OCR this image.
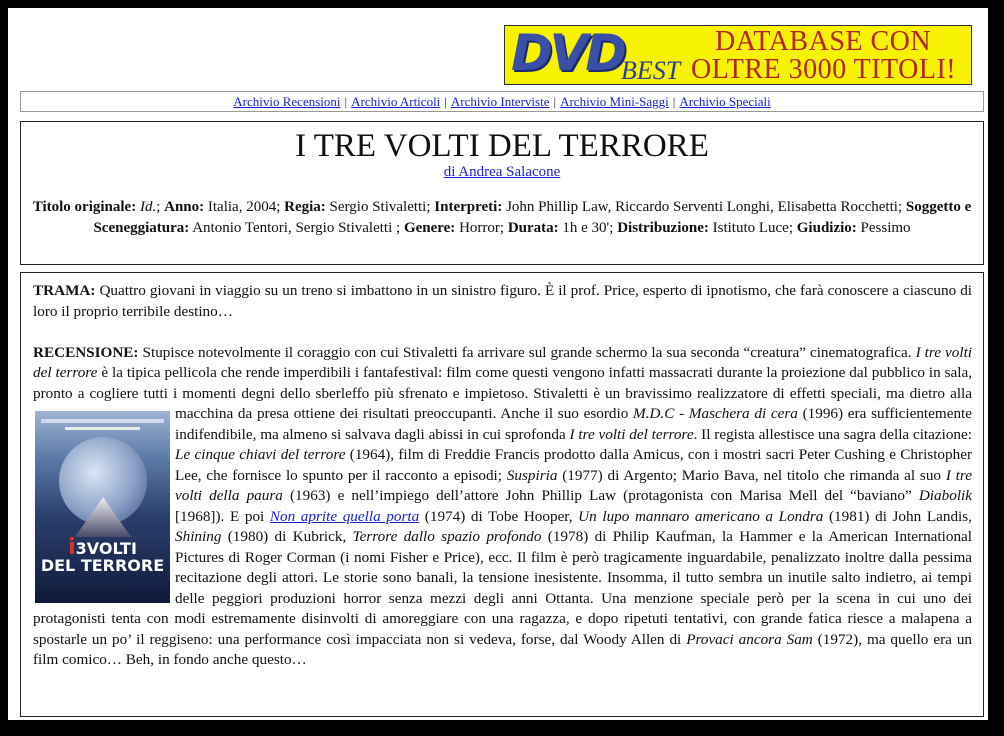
DVD
BEST
DATABASE CON
OLTRE 3000 TITOLI!
Archivio Recensioni | Archivio Articoli | Archivio Interviste | Archivio Mini-Saggi | Archivio Speciali
I TRE VOLTI DEL TERRORE
di Andrea Salacone
Titolo originale: Id.; Anno: Italia, 2004; Regia: Sergio Stivaletti; Interpreti: John Phillip Law, Riccardo Serventi Longhi, Elisabetta Rocchetti; Soggetto e Sceneggiatura: Antonio Tentori, Sergio Stivaletti ; Genere: Horror; Durata: 1h e 30'; Distribuzione: Istituto Luce; Giudizio: Pessimo

TRAMA: Quattro giovani in viaggio su un treno si imbattono in un sinistro figuro. È il prof. Price, esperto di ipnotismo, che farà conoscere a ciascuno di loro il proprio terribile destino…

RECENSIONE: Stupisce notevolmente il coraggio con cui Stivaletti fa arrivare sul grande schermo la sua seconda “creatura” cinematografica. I tre volti del terrore è la tipica pellicola che rende imperdibili i fantafestival: film come questi vengono infatti massacrati durante la proiezione dal pubblico in sala, pronto a cogliere tutti i momenti degni dello sberleffo più sfrenato e impietoso. Stivaletti è un bravissimo realizzatore di effetti speciali, ma dietro alla macchina da presa ottiene dei risultati preoccupanti. Anche il suo esordio
i3VOLTI
DEL TERRORE
M.D.C - Maschera di cera (1996) era sufficientemente indifendibile, ma almeno si salvava dagli abissi in cui sprofonda I tre volti del terrore. Il regista allestisce una sagra della citazione: Le cinque chiavi del terrore (1964), film di Freddie Francis prodotto dalla Amicus, con i mostri sacri Peter Cushing e Christopher Lee, che fornisce lo spunto per il racconto a episodi; Suspiria (1977) di Argento; Mario Bava, nel titolo che rimanda al suo I tre volti della paura (1963) e nell’impiego dell’attore John Phillip Law (protagonista con Marisa Mell del “baviano” Diabolik [1968]). E poi Non aprite quella porta (1974) di Tobe Hooper, Un lupo mannaro americano a Londra (1981) di John Landis, Shining (1980) di Kubrick, Terrore dallo spazio profondo (1978) di Philip Kaufman, la Hammer e la American International Pictures di Roger Corman (i nomi Fisher e Price), ecc. Il film è però tragicamente inguardabile, penalizzato inoltre dalla pessima recitazione degli attori. Le storie sono banali, la tensione inesistente. Insomma, il tutto sembra un inutile salto indietro, ai tempi delle peggiori produzioni horror senza mezzi degli anni Ottanta. Una menzione speciale però per la scena in cui uno dei protagonisti tenta con modi estremamente disinvolti di amoreggiare con una ragazza, e dopo ripetuti tentativi, con grande fatica riesce a malapena a spostarle un po’ il reggiseno: una performance così impacciata non si vedeva, forse, dal Woody Allen di Provaci ancora Sam (1972), ma quello era un film comico… Beh, in fondo anche questo…
